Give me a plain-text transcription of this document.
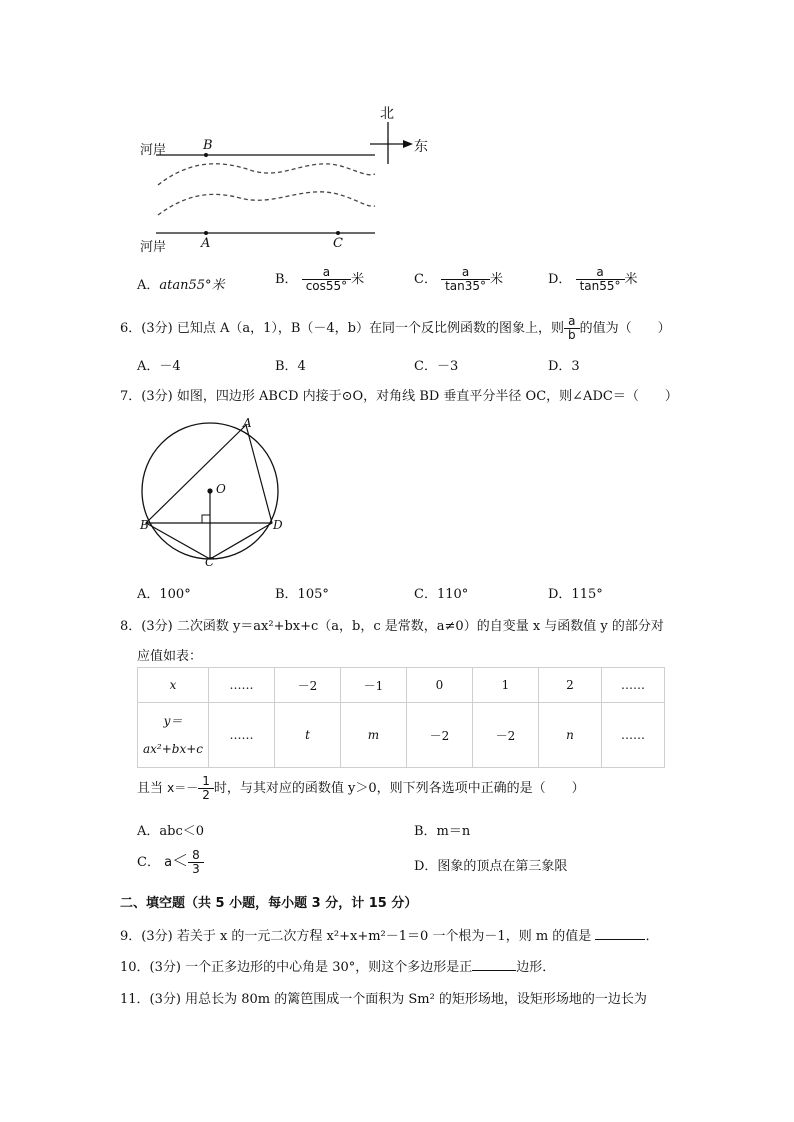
北
东
河岸
河岸
B
A	C
A．atan55°米	B． $\frac{a}{\cos 55^\circ}$ 米	C． $\frac{a}{\tan 35^\circ}$ 米	D． $\frac{a}{\tan 55^\circ}$ 米
6．(3分) 已知点 A（a，1），B（－4，b）在同一个反比例函数的图象上，则 $\frac{a}{b}$ 的值为（　　）
A．－4	B．4	C．－3	D．3
7．(3分) 如图，四边形 ABCD 内接于⊙O，对角线 BD 垂直平分半径 OC，则∠ADC＝（　　）
A
O
B	D
C
A．100°	B．105°	C．110°	D．115°
8．(3分) 二次函数 y＝ax²+bx+c（a，b，c 是常数，a≠0）的自变量 x 与函数值 y 的部分对
应值如表：
x	……	－2	－1	0	1	2	……

y＝
ax²+bx+c	……	t	m	－2	－2	n	……
且当 $x=- \frac{1}{2}$ 时，与其对应的函数值 y＞0，则下列各选项中正确的是（　　）
A．abc＜0	B．m＝n
C． $a< \frac{8}{3}$	D．图象的顶点在第三象限
二、填空题（共 5 小题，每小题 3 分，计 15 分）
9．(3分) 若关于 x 的一元二次方程 x²+x+m²－1＝0 一个根为－1，则 m 的值是	．
10．(3分) 一个正多边形的中心角是 30°，则这个多边形是正	边形．
11．(3分) 用总长为 80m 的篱笆围成一个面积为 Sm² 的矩形场地，设矩形场地的一边长为
